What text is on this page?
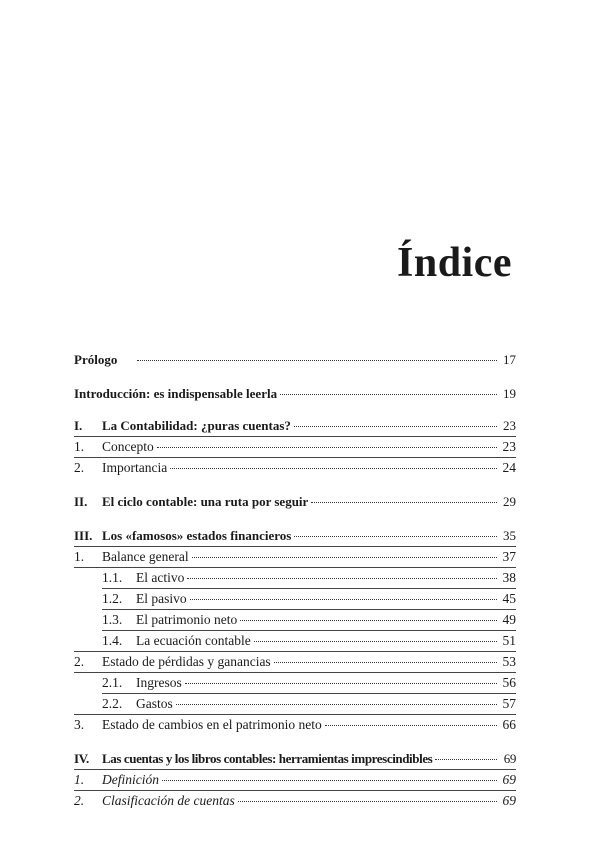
Índice
Prólogo	17
Introducción: es indispensable leerla	19
I.	La Contabilidad: ¿puras cuentas?	23
1.	Concepto	23
2.	Importancia	24
II.	El ciclo contable: una ruta por seguir	29
III. Los «famosos» estados financieros	35
1.	Balance general	37
1.1.	El activo	38
1.2.	El pasivo	45
1.3.	El patrimonio neto	49
1.4.	La ecuación contable	51
2.	Estado de pérdidas y ganancias	53
2.1.	Ingresos	56
2.2.	Gastos	57
3.	Estado de cambios en el patrimonio neto	66
IV.	Las cuentas y los libros contables: herramientas imprescindibles	69
1.	Definición	69
2.	Clasificación de cuentas	69
